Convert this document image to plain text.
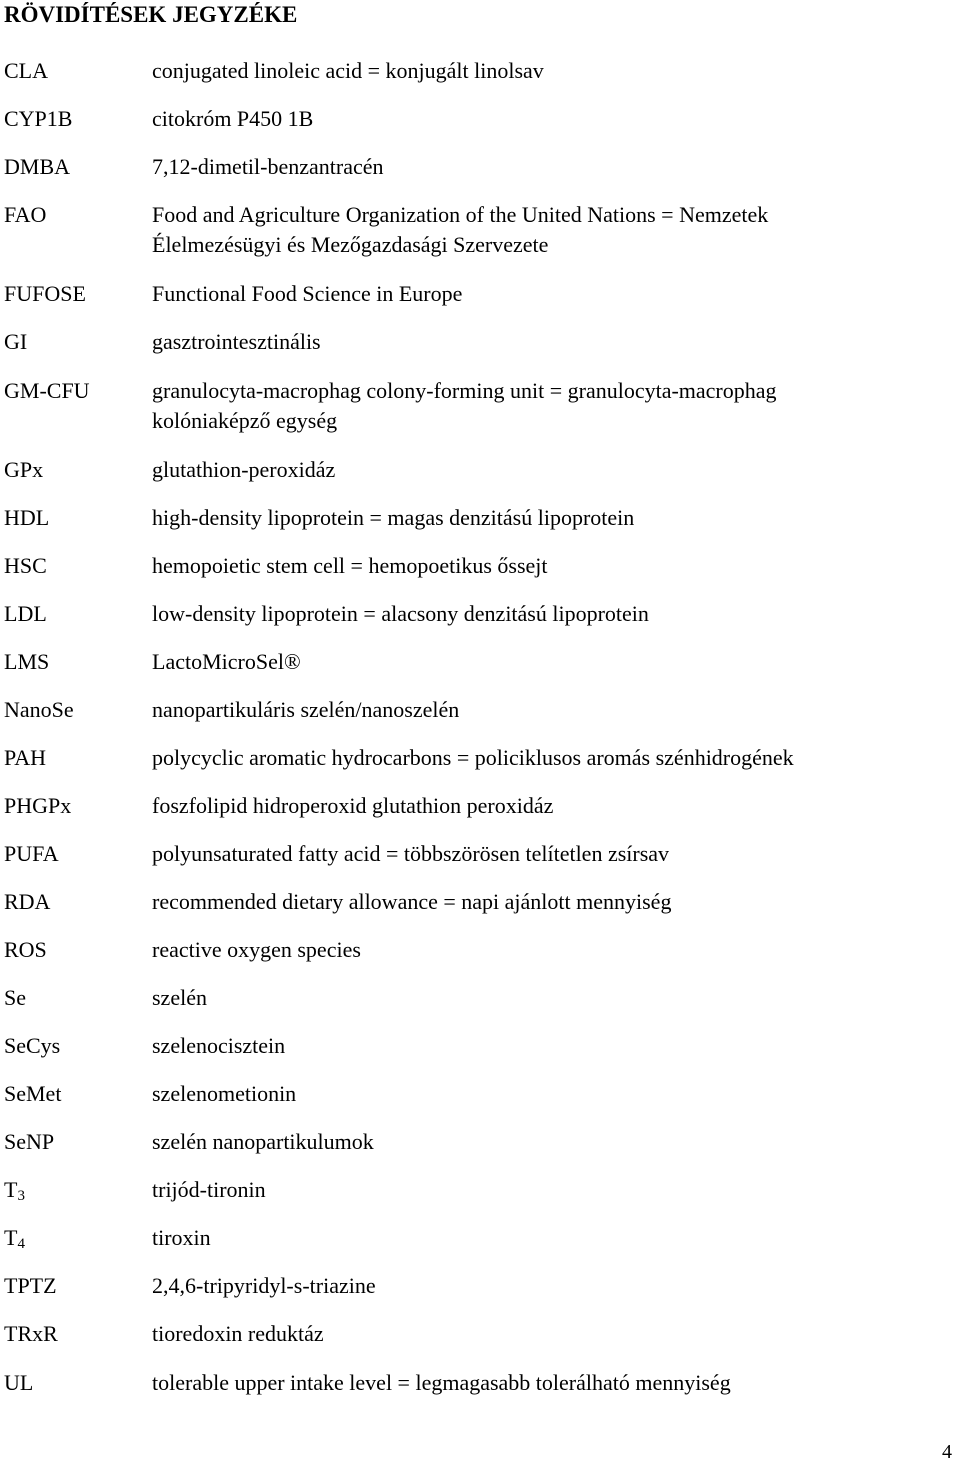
RÖVIDÍTÉSEK JEGYZÉKE
CLA	conjugated linoleic acid = konjugált linolsav
CYP1B	citokróm P450 1B
DMBA	7,12-dimetil-benzantracén
FAO	Food and Agriculture Organization of the United Nations = Nemzetek Élelmezésügyi és Mezőgazdasági Szervezete
FUFOSE	Functional Food Science in Europe
GI	gasztrointesztinális
GM-CFU	granulocyta-macrophag colony-forming unit = granulocyta-macrophag kolóniaképző egység
GPx	glutathion-peroxidáz
HDL	high-density lipoprotein = magas denzitású lipoprotein
HSC	hemopoietic stem cell = hemopoetikus őssejt
LDL	low-density lipoprotein = alacsony denzitású lipoprotein
LMS	LactoMicroSel®
NanoSe	nanopartikuláris szelén/nanoszelén
PAH	polycyclic aromatic hydrocarbons = policiklusos aromás szénhidrogének
PHGPx	foszfolipid hidroperoxid glutathion peroxidáz
PUFA	polyunsaturated fatty acid = többszörösen telítetlen zsírsav
RDA	recommended dietary allowance = napi ajánlott mennyiség
ROS	reactive oxygen species
Se	szelén
SeCys	szelenocisztein
SeMet	szelenometionin
SeNP	szelén nanopartikulumok
$T_3$	trijód-tironin
$T_4$	tiroxin
TPTZ	2,4,6-tripyridyl-s-triazine
TRxR	tioredoxin reduktáz
UL	tolerable upper intake level = legmagasabb tolerálható mennyiség
4
